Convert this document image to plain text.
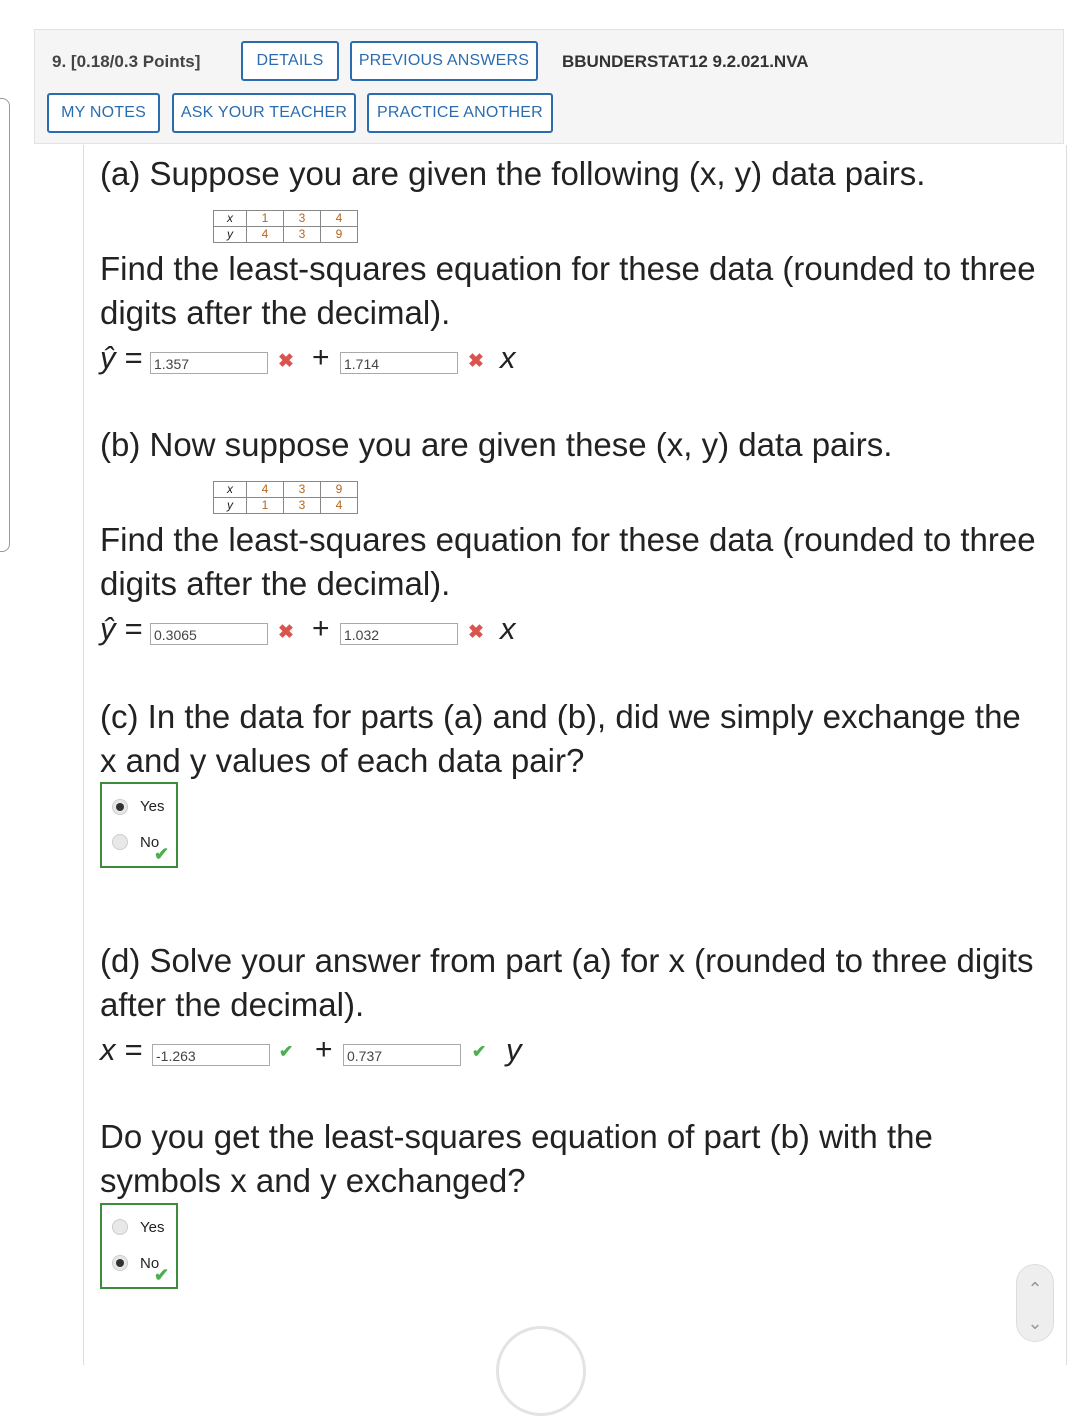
9. [0.18/0.3 Points]	DETAILS	PREVIOUS ANSWERS	BBUNDERSTAT12 9.2.021.NVA
MY NOTES	ASK YOUR TEACHER	PRACTICE ANOTHER
(a) Suppose you are given the following (x, y) data pairs.
x	1	3	4
y	4	3	9
Find the least-squares equation for these data (rounded to three digits after the decimal).
ŷ = 1.357	✖ + 1.714	✖ x
(b) Now suppose you are given these (x, y) data pairs.
x	4	3	9
y	1	3	4
Find the least-squares equation for these data (rounded to three digits after the decimal).
ŷ = 0.3065	✖ + 1.032	✖ x
(c) In the data for parts (a) and (b), did we simply exchange the x and y values of each data pair?
Yes
No
✔
(d) Solve your answer from part (a) for x (rounded to three digits after the decimal).
x = -1.263	✔ + 0.737	✔ y
Do you get the least-squares equation of part (b) with the symbols x and y exchanged?
Yes
No
✔
⌃
⌄
